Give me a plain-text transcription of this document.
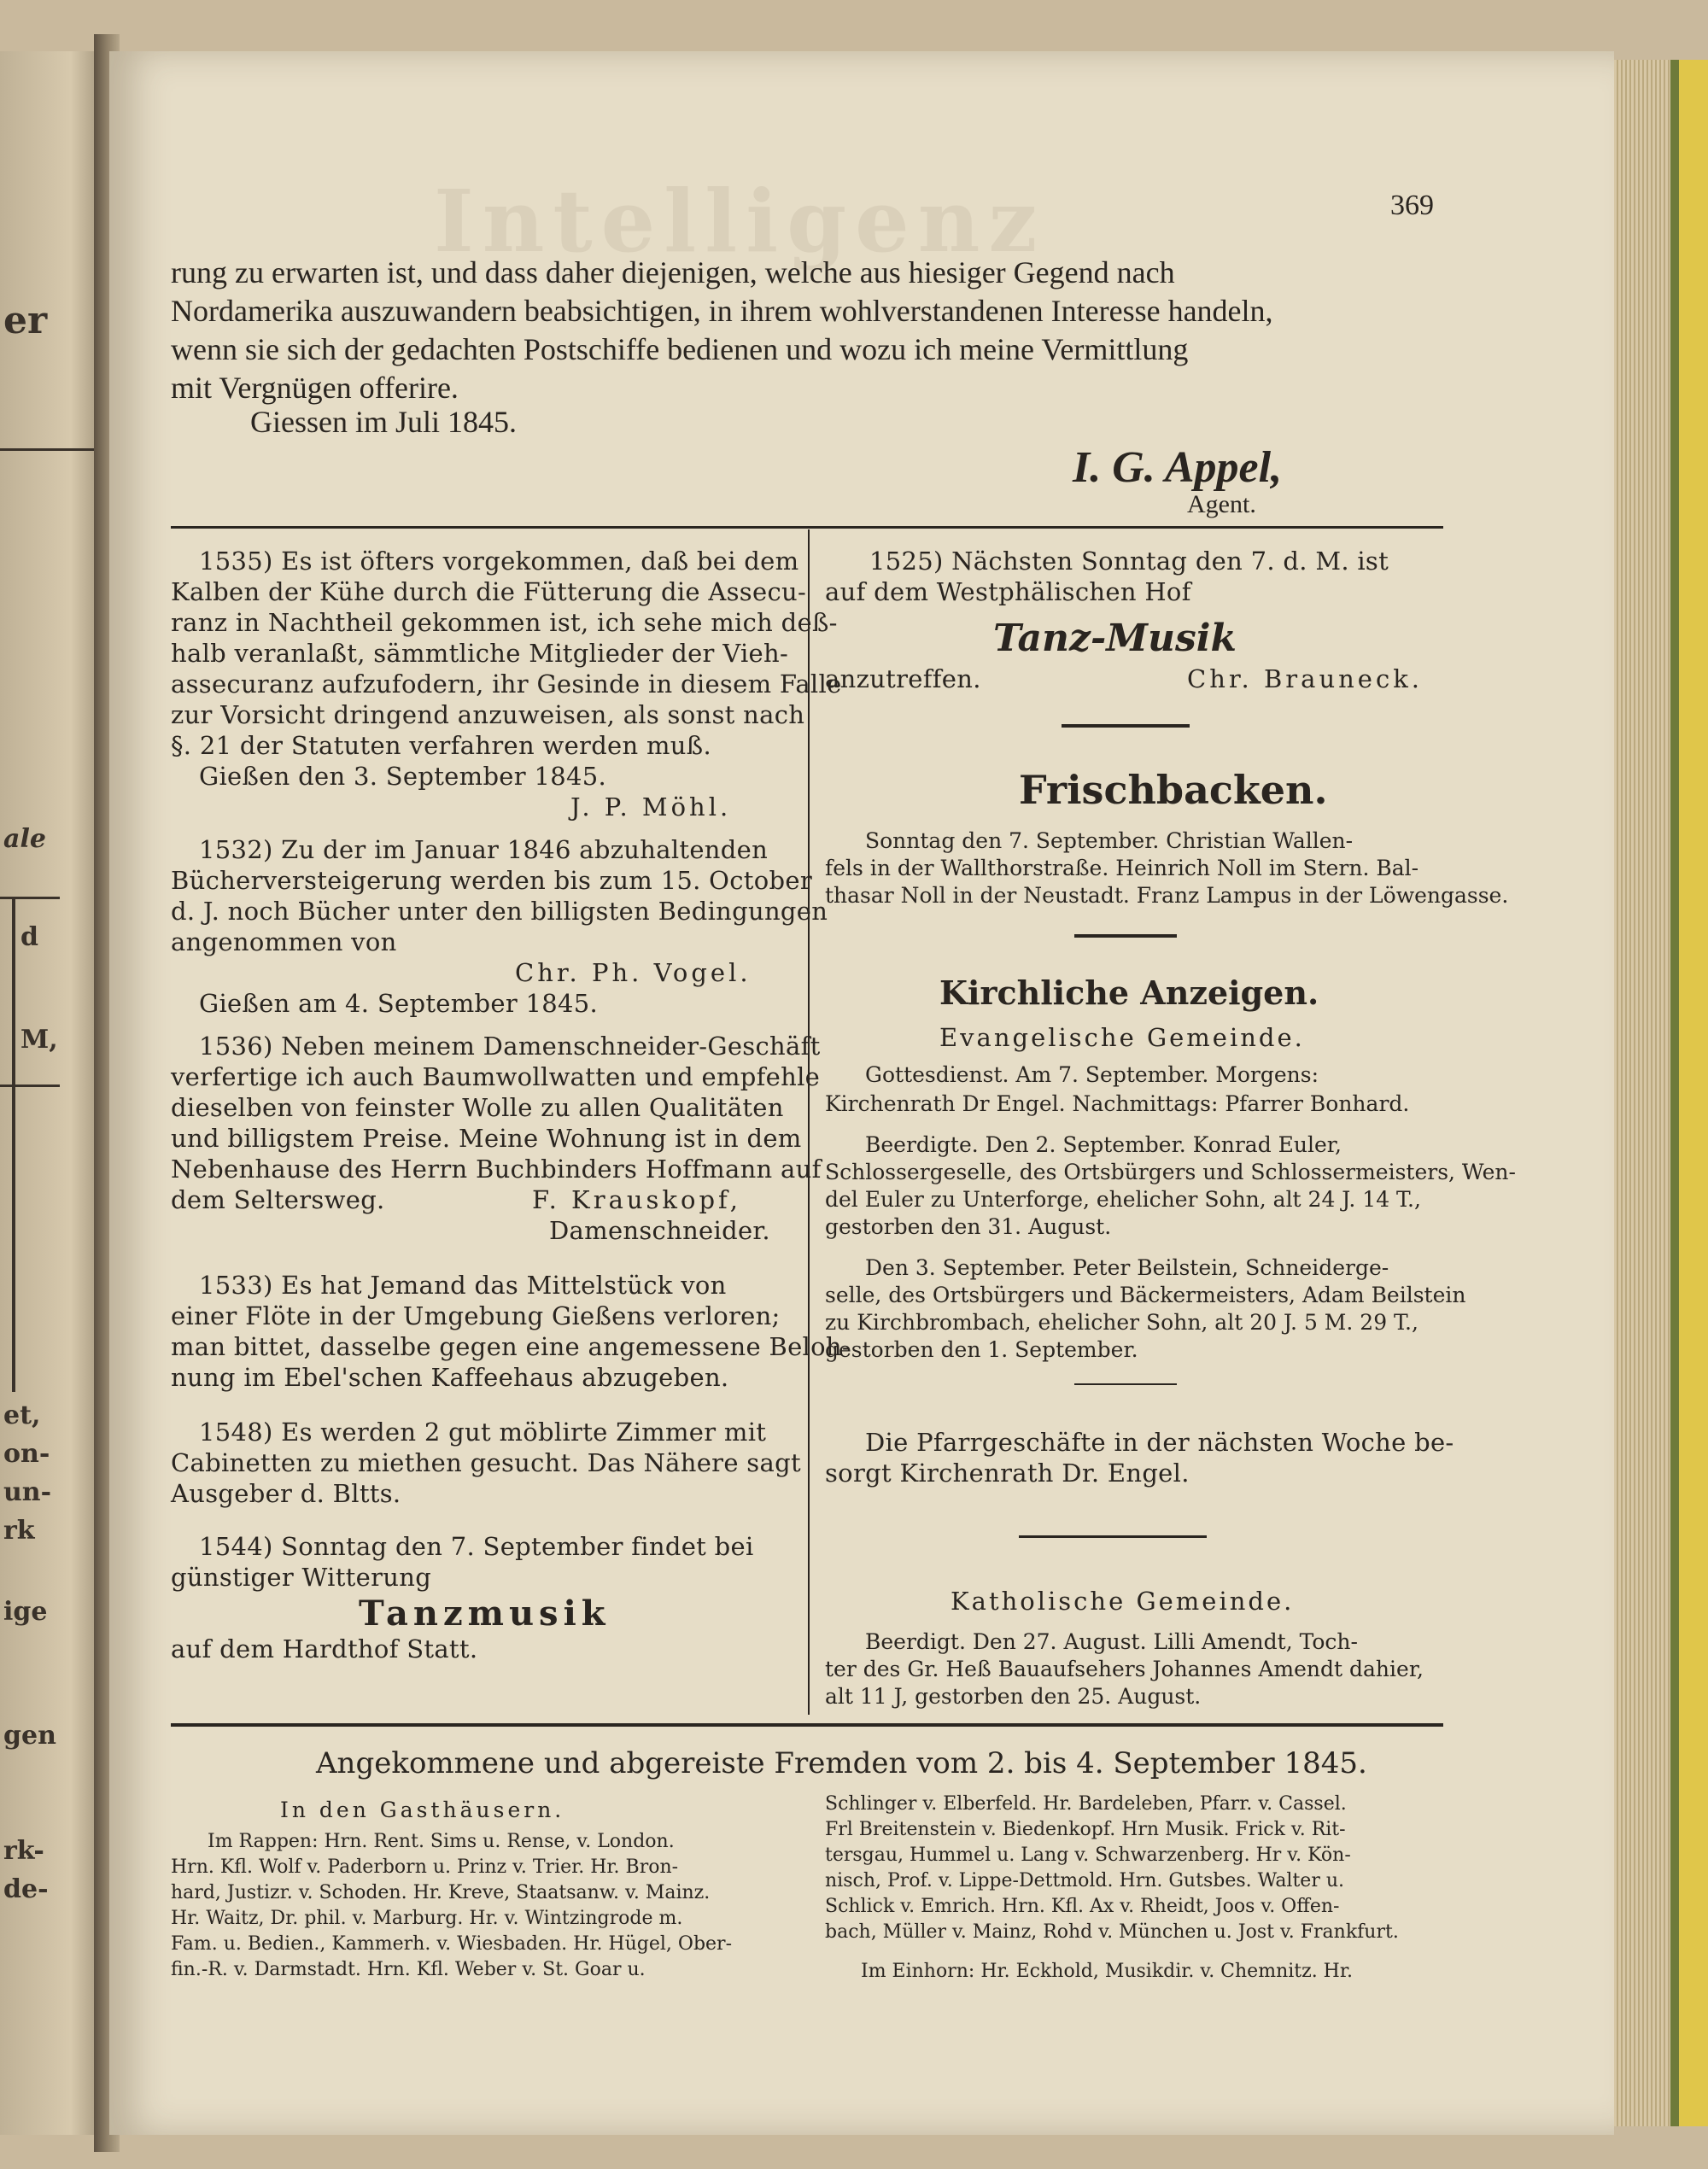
er
ale
d
M,
et,
on-
un-
rk
ige
gen
rk-
de-
Intelligenz	369
rung zu erwarten ist, und dass daher diejenigen, welche aus hiesiger Gegend nach
Nordamerika auszuwandern beabsichtigen, in ihrem wohlverstandenen Interesse handeln,
wenn sie sich der gedachten Postschiffe bedienen und wozu ich meine Vermittlung
mit Vergnügen offerire.
Giessen im Juli 1845.
I. G. Appel,
Agent.
1535) Es ist öfters vorgekommen, daß bei dem
Kalben der Kühe durch die Fütterung die Assecu-
ranz in Nachtheil gekommen ist, ich sehe mich deß-
halb veranlaßt, sämmtliche Mitglieder der Vieh-
assecuranz aufzufodern, ihr Gesinde in diesem Falle
zur Vorsicht dringend anzuweisen, als sonst nach
§. 21 der Statuten verfahren werden muß.
Gießen den 3. September 1845.
J. P. Möhl.
1532) Zu der im Januar 1846 abzuhaltenden
Bücherversteigerung werden bis zum 15. October
d. J. noch Bücher unter den billigsten Bedingungen
angenommen von
Chr. Ph. Vogel.
Gießen am 4. September 1845.
1536) Neben meinem Damenschneider-Geschäft
verfertige ich auch Baumwollwatten und empfehle
dieselben von feinster Wolle zu allen Qualitäten
und billigstem Preise. Meine Wohnung ist in dem
Nebenhause des Herrn Buchbinders Hoffmann auf
dem Seltersweg.	F. Krauskopf,
Damenschneider.
1533) Es hat Jemand das Mittelstück von
einer Flöte in der Umgebung Gießens verloren;
man bittet, dasselbe gegen eine angemessene Beloh-
nung im Ebel'schen Kaffeehaus abzugeben.
1548) Es werden 2 gut möblirte Zimmer mit
Cabinetten zu miethen gesucht. Das Nähere sagt
Ausgeber d. Bltts.
1544) Sonntag den 7. September findet bei
günstiger Witterung
Tanzmusik
auf dem Hardthof Statt.
1525) Nächsten Sonntag den 7. d. M. ist
auf dem Westphälischen Hof
Tanz-Musik
anzutreffen.	Chr. Brauneck.
Frischbacken.
Sonntag den 7. September. Christian Wallen-
fels in der Wallthorstraße. Heinrich Noll im Stern. Bal-
thasar Noll in der Neustadt. Franz Lampus in der Löwengasse.
Kirchliche Anzeigen.
Evangelische Gemeinde.
Gottesdienst. Am 7. September. Morgens:
Kirchenrath Dr Engel. Nachmittags: Pfarrer Bonhard.
Beerdigte. Den 2. September. Konrad Euler,
Schlossergeselle, des Ortsbürgers und Schlossermeisters, Wen-
del Euler zu Unterforge, ehelicher Sohn, alt 24 J. 14 T.,
gestorben den 31. August.
Den 3. September. Peter Beilstein, Schneiderge-
selle, des Ortsbürgers und Bäckermeisters, Adam Beilstein
zu Kirchbrombach, ehelicher Sohn, alt 20 J. 5 M. 29 T.,
gestorben den 1. September.
Die Pfarrgeschäfte in der nächsten Woche be-
sorgt Kirchenrath Dr. Engel.
Katholische Gemeinde.
Beerdigt. Den 27. August. Lilli Amendt, Toch-
ter des Gr. Heß Bauaufsehers Johannes Amendt dahier,
alt 11 J, gestorben den 25. August.
Angekommene und abgereiste Fremden vom 2. bis 4. September 1845.
In den Gasthäusern.
Im Rappen: Hrn. Rent. Sims u. Rense, v. London.
Hrn. Kfl. Wolf v. Paderborn u. Prinz v. Trier. Hr. Bron-
hard, Justizr. v. Schoden. Hr. Kreve, Staatsanw. v. Mainz.
Hr. Waitz, Dr. phil. v. Marburg. Hr. v. Wintzingrode m.
Fam. u. Bedien., Kammerh. v. Wiesbaden. Hr. Hügel, Ober-
fin.-R. v. Darmstadt. Hrn. Kfl. Weber v. St. Goar u.
Schlinger v. Elberfeld. Hr. Bardeleben, Pfarr. v. Cassel.
Frl Breitenstein v. Biedenkopf. Hrn Musik. Frick v. Rit-
tersgau, Hummel u. Lang v. Schwarzenberg. Hr v. Kön-
nisch, Prof. v. Lippe-Dettmold. Hrn. Gutsbes. Walter u.
Schlick v. Emrich. Hrn. Kfl. Ax v. Rheidt, Joos v. Offen-
bach, Müller v. Mainz, Rohd v. München u. Jost v. Frankfurt.
Im Einhorn: Hr. Eckhold, Musikdir. v. Chemnitz. Hr.
